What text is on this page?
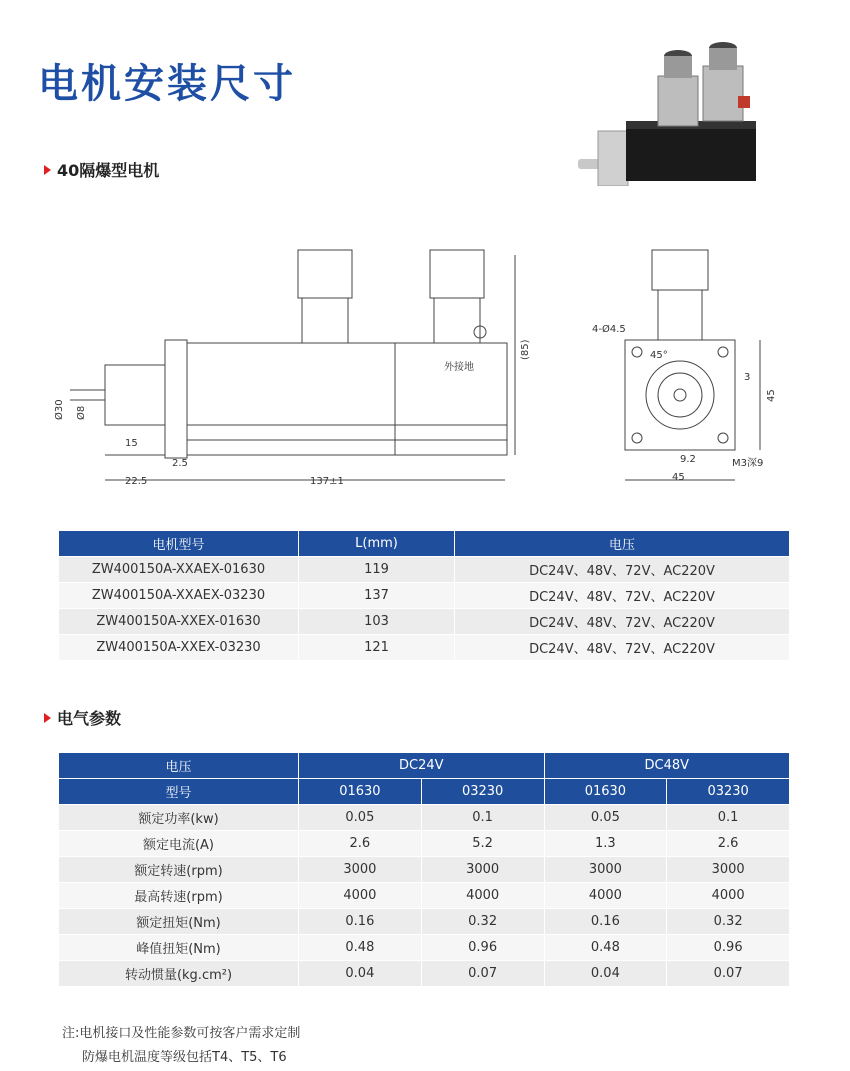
电机安装尺寸
40隔爆型电机
Ø30 Ø8
15
2.5
22.5	137±1
(85)
外接地
4-Ø4.5
45°
3
45
45
9.2	M3深9
电机型号	L(mm)	电压
ZW400150A-XXAEX-01630	119	DC24V、48V、72V、AC220V
ZW400150A-XXAEX-03230	137	DC24V、48V、72V、AC220V
ZW400150A-XXEX-01630	103	DC24V、48V、72V、AC220V
ZW400150A-XXEX-03230	121	DC24V、48V、72V、AC220V
电气参数
电压	DC24V		DC48V	
型号	01630	03230	01630	03230
额定功率(kw)	0.05	0.1	0.05	0.1
额定电流(A)	2.6	5.2	1.3	2.6
额定转速(rpm)	3000	3000	3000	3000
最高转速(rpm)	4000	4000	4000	4000
额定扭矩(Nm)	0.16	0.32	0.16	0.32
峰值扭矩(Nm)	0.48	0.96	0.48	0.96
转动惯量(kg.cm²)	0.04	0.07	0.04	0.07
注:电机接口及性能参数可按客户需求定制
防爆电机温度等级包括T4、T5、T6
